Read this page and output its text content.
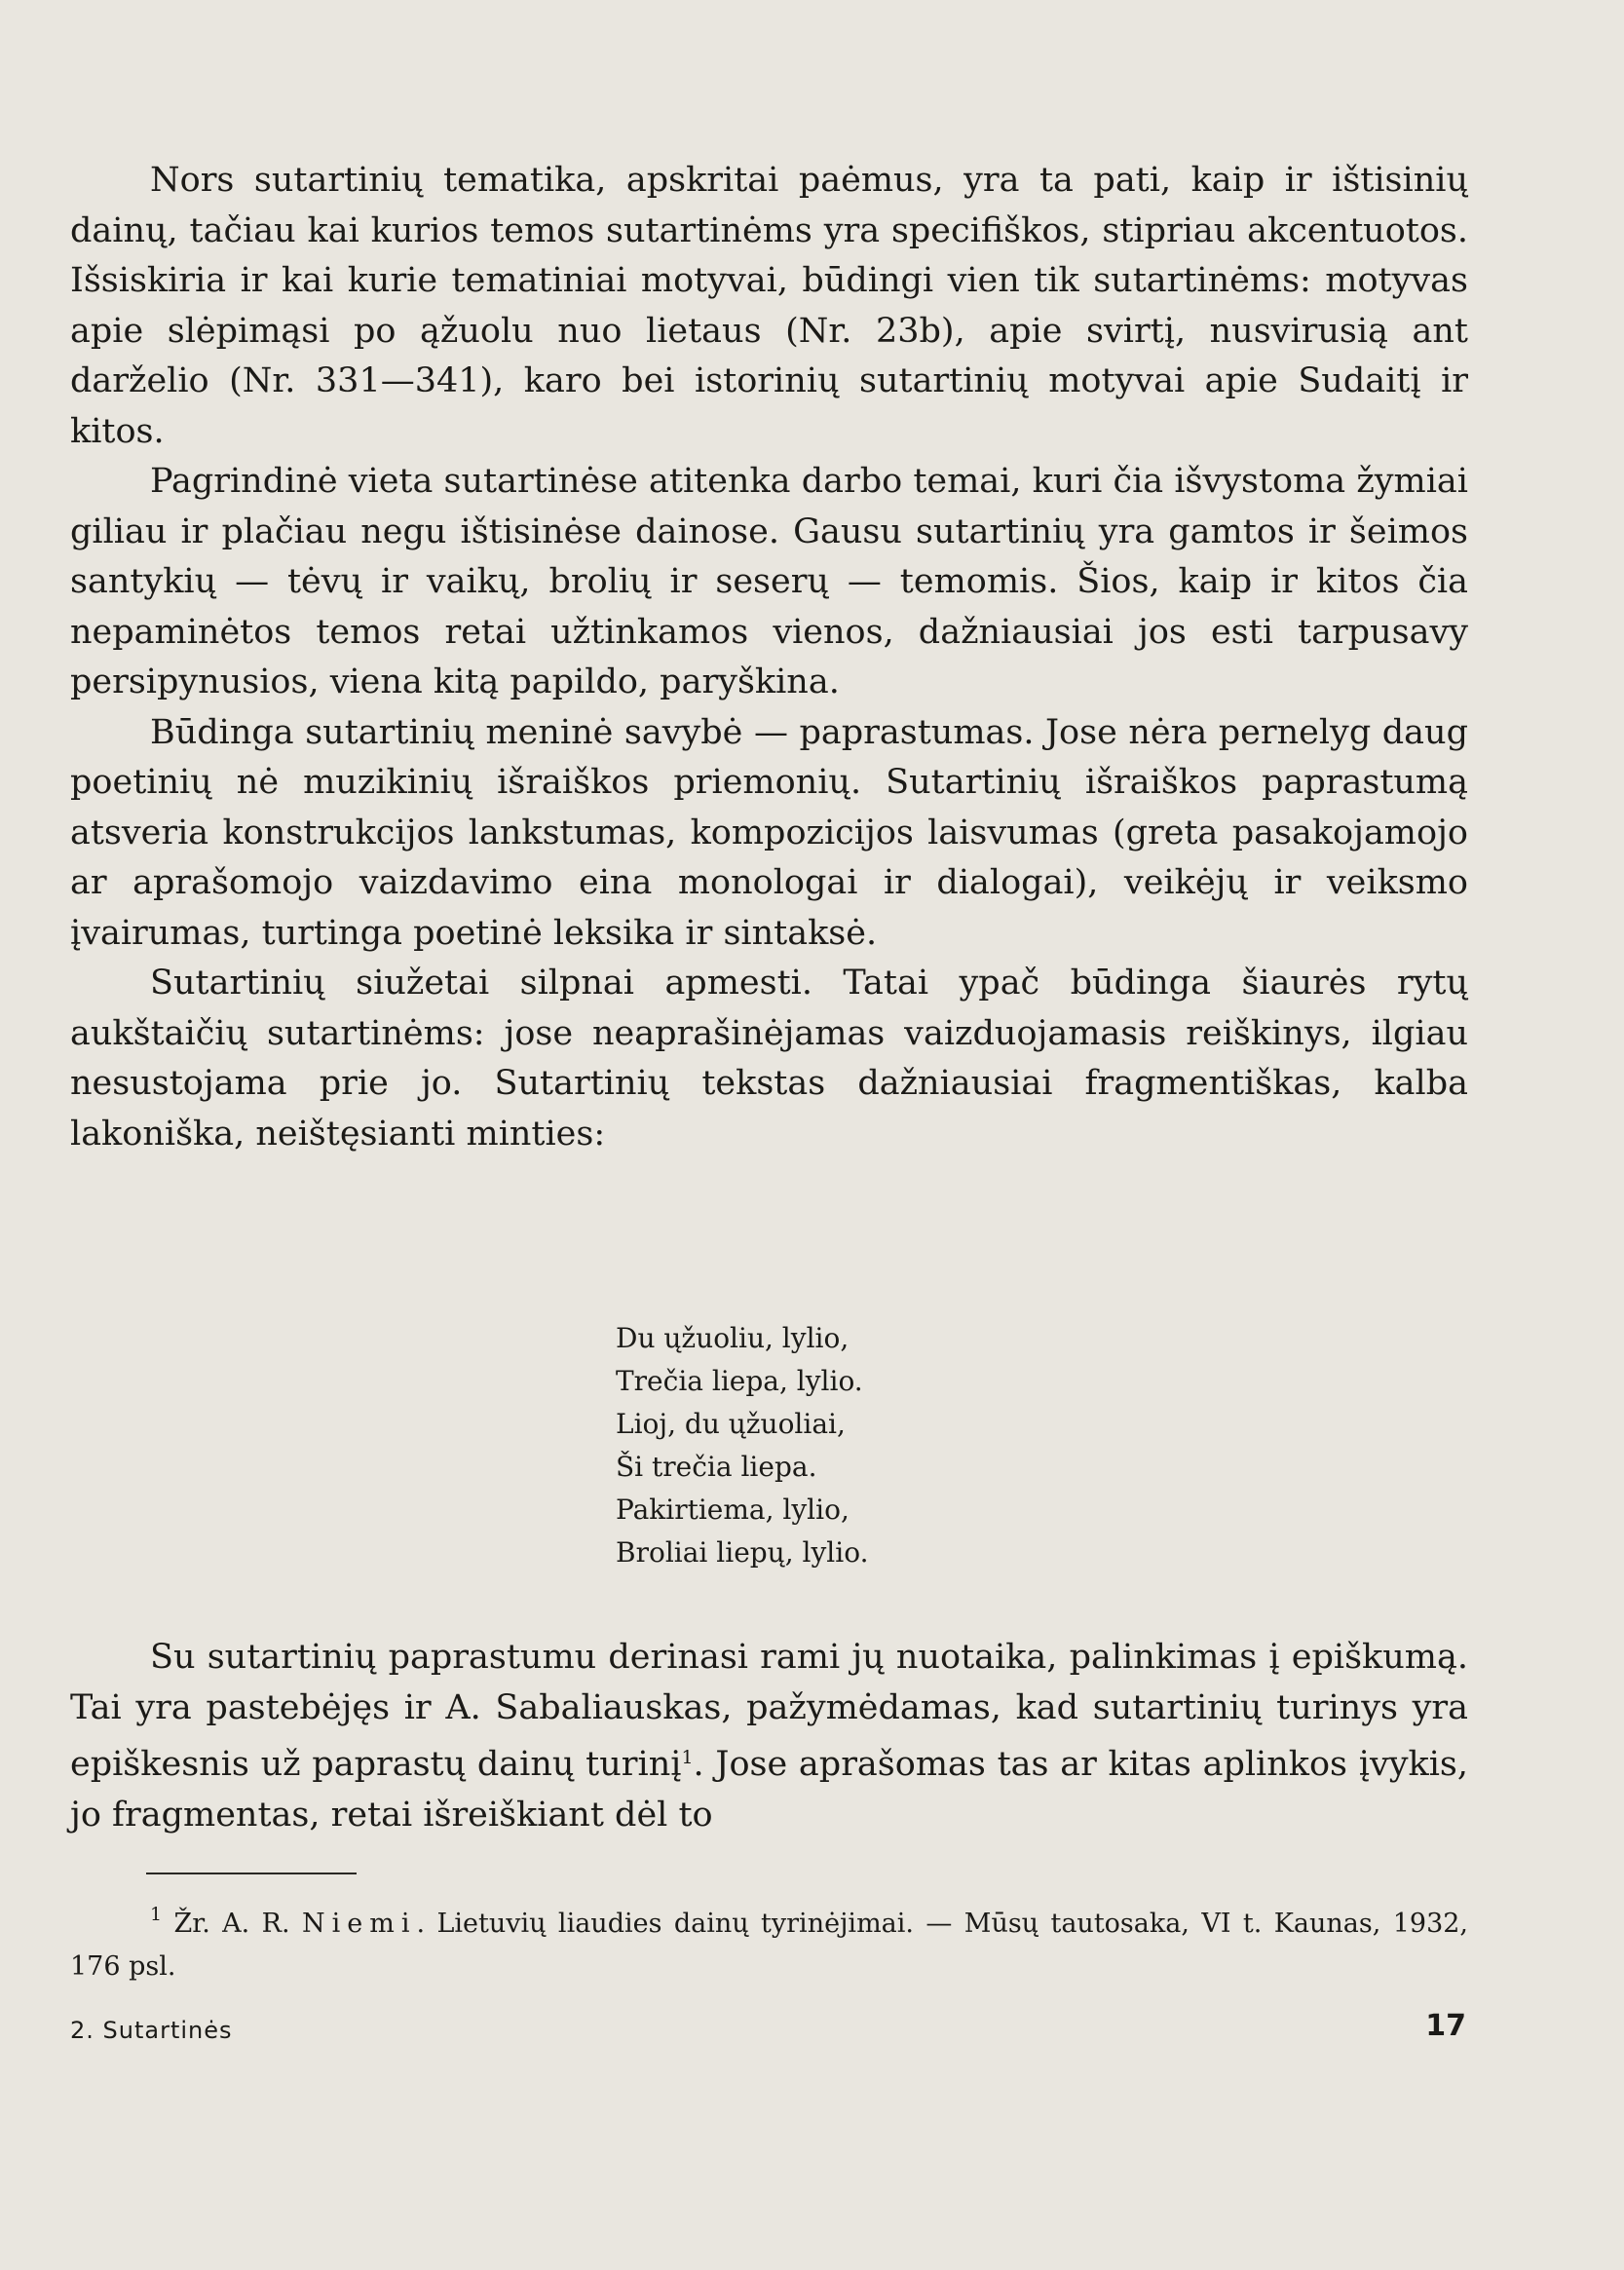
Nors sutartinių tematika, apskritai paėmus, yra ta pati, kaip ir ištisinių dainų, tačiau kai kurios temos sutartinėms yra specifiškos, stipriau akcentuotos. Išsiskiria ir kai kurie tematiniai motyvai, būdingi vien tik sutartinėms: motyvas apie slėpimąsi po ąžuolu nuo lietaus (Nr. 23b), apie svirtį, nusvirusią ant darželio (Nr. 331—341), karo bei istorinių sutartinių motyvai apie Sudaitį ir kitos.

Pagrindinė vieta sutartinėse atitenka darbo temai, kuri čia išvystoma žymiai giliau ir plačiau negu ištisinėse dainose. Gausu sutartinių yra gamtos ir šeimos santykių — tėvų ir vaikų, brolių ir seserų — temomis. Šios, kaip ir kitos čia nepaminėtos temos retai užtinkamos vienos, dažniausiai jos esti tarpusavy persipynusios, viena kitą papildo, paryškina.

Būdinga sutartinių meninė savybė — paprastumas. Jose nėra pernelyg daug poetinių nė muzikinių išraiškos priemonių. Sutartinių išraiškos paprastumą atsveria konstrukcijos lankstumas, kompozicijos laisvumas (greta pasakojamojo ar aprašomojo vaizdavimo eina monologai ir dialogai), veikėjų ir veiksmo įvairumas, turtinga poetinė leksika ir sintaksė.

Sutartinių siužetai silpnai apmesti. Tatai ypač būdinga šiaurės rytų aukštaičių sutartinėms: jose neaprašinėjamas vaizduojamasis reiškinys, ilgiau nesustojama prie jo. Sutartinių tekstas dažniausiai fragmentiškas, kalba lakoniška, neištęsianti minties:

Du ųžuoliu, lylio,
Trečia liepa, lylio.
Lioj, du ųžuoliai,
Ši trečia liepa.
Pakirtiema, lylio,
Broliai liepų, lylio.

Su sutartinių paprastumu derinasi rami jų nuotaika, palinkimas į epiškumą. Tai yra pastebėjęs ir A. Sabaliauskas, pažymėdamas, kad sutartinių turinys yra epiškesnis už paprastų dainų turinį$^1$. Jose aprašomas tas ar kitas aplinkos įvykis, jo fragmentas, retai išreiškiant dėl to

$^1$ Žr. A. R. Niemi. Lietuvių liaudies dainų tyrinėjimai. — Mūsų tautosaka, VI t. Kaunas, 1932, 176 psl.

2. Sutartinės	17
